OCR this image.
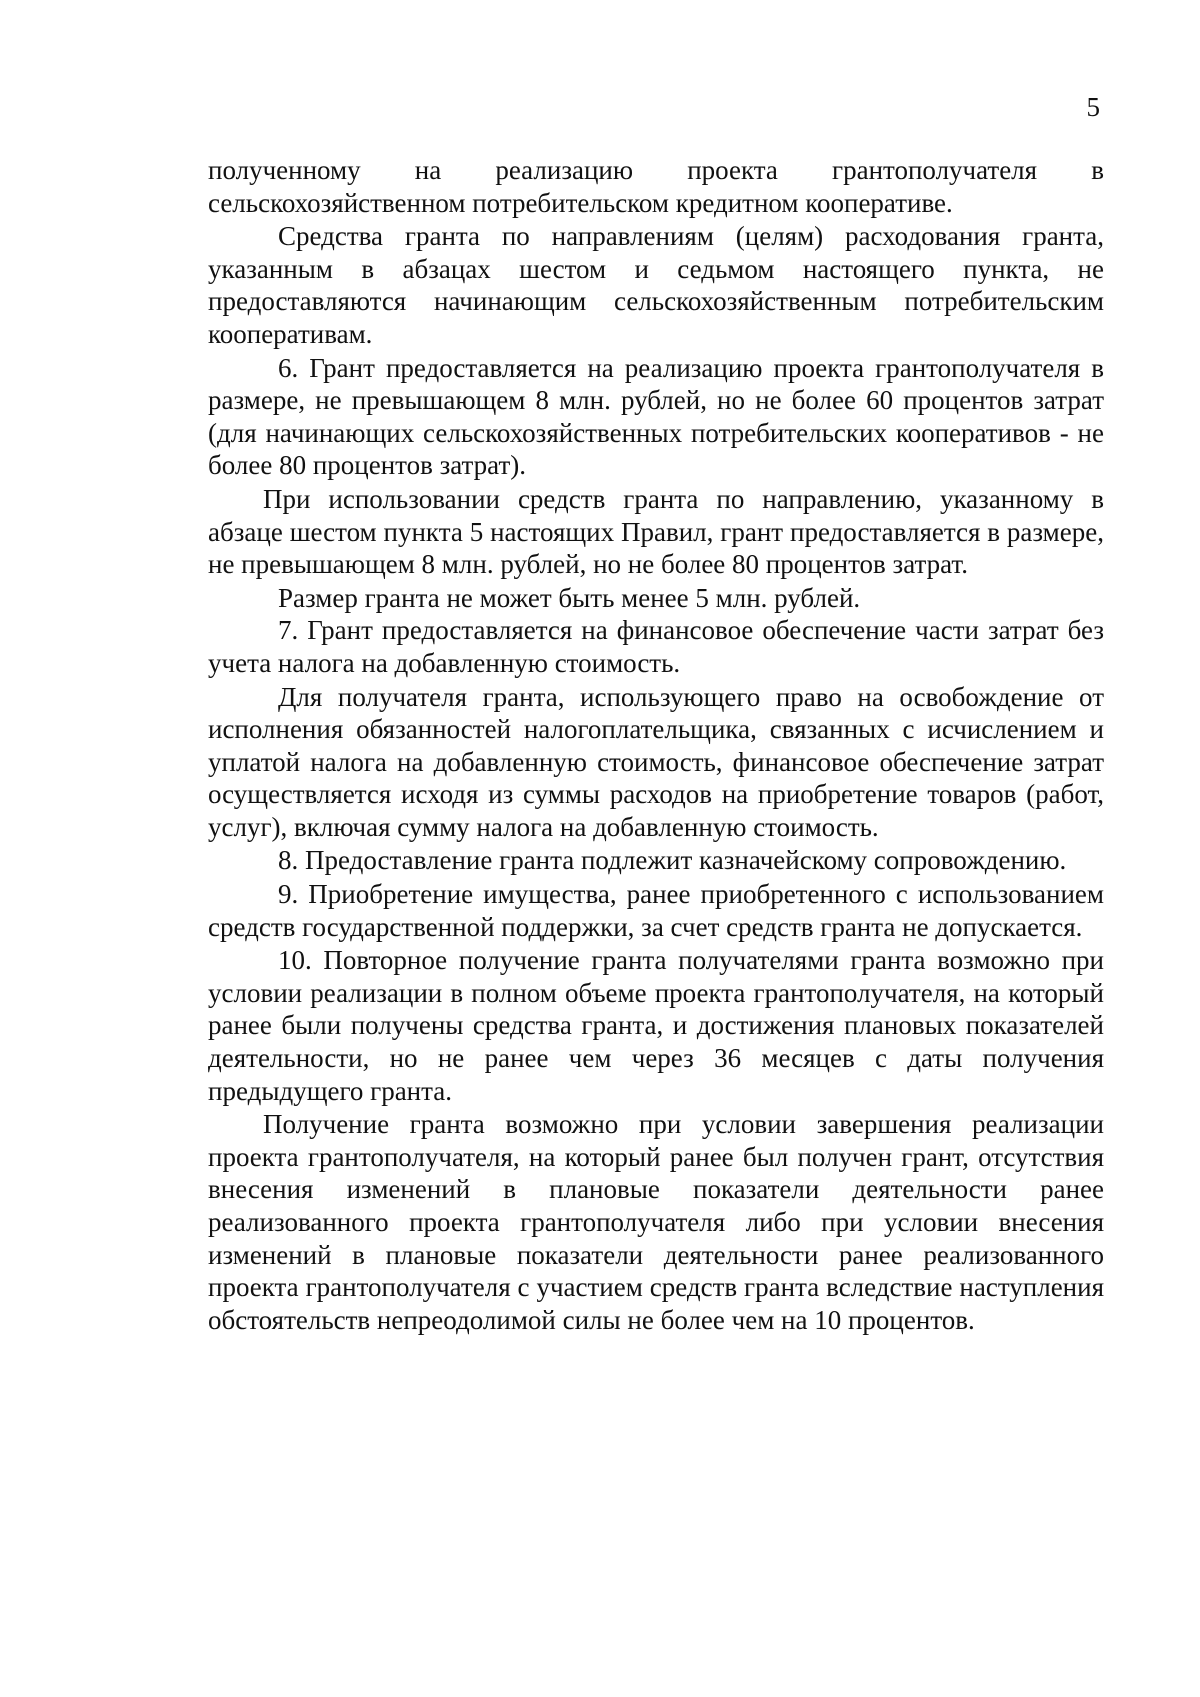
5

полученному на реализацию проекта грантополучателя в сельскохозяйственном потребительском кредитном кооперативе.

Средства гранта по направлениям (целям) расходования гранта, указанным в абзацах шестом и седьмом настоящего пункта, не предоставляются начинающим сельскохозяйственным потребительским кооперативам.

6. Грант предоставляется на реализацию проекта грантополучателя в размере, не превышающем 8 млн. рублей, но не более 60 процентов затрат (для начинающих сельскохозяйственных потребительских кооперативов - не более 80 процентов затрат).

При использовании средств гранта по направлению, указанному в абзаце шестом пункта 5 настоящих Правил, грант предоставляется в размере, не превышающем 8 млн. рублей, но не более 80 процентов затрат.

Размер гранта не может быть менее 5 млн. рублей.

7. Грант предоставляется на финансовое обеспечение части затрат без учета налога на добавленную стоимость.

Для получателя гранта, использующего право на освобождение от исполнения обязанностей налогоплательщика, связанных с исчислением и уплатой налога на добавленную стоимость, финансовое обеспечение затрат осуществляется исходя из суммы расходов на приобретение товаров (работ, услуг), включая сумму налога на добавленную стоимость.

8. Предоставление гранта подлежит казначейскому сопровождению.

9. Приобретение имущества, ранее приобретенного с использованием средств государственной поддержки, за счет средств гранта не допускается.

10. Повторное получение гранта получателями гранта возможно при условии реализации в полном объеме проекта грантополучателя, на который ранее были получены средства гранта, и достижения плановых показателей деятельности, но не ранее чем через 36 месяцев с даты получения предыдущего гранта.

Получение гранта возможно при условии завершения реализации проекта грантополучателя, на который ранее был получен грант, отсутствия внесения изменений в плановые показатели деятельности ранее реализованного проекта грантополучателя либо при условии внесения изменений в плановые показатели деятельности ранее реализованного проекта грантополучателя с участием средств гранта вследствие наступления обстоятельств непреодолимой силы не более чем на 10 процентов.
